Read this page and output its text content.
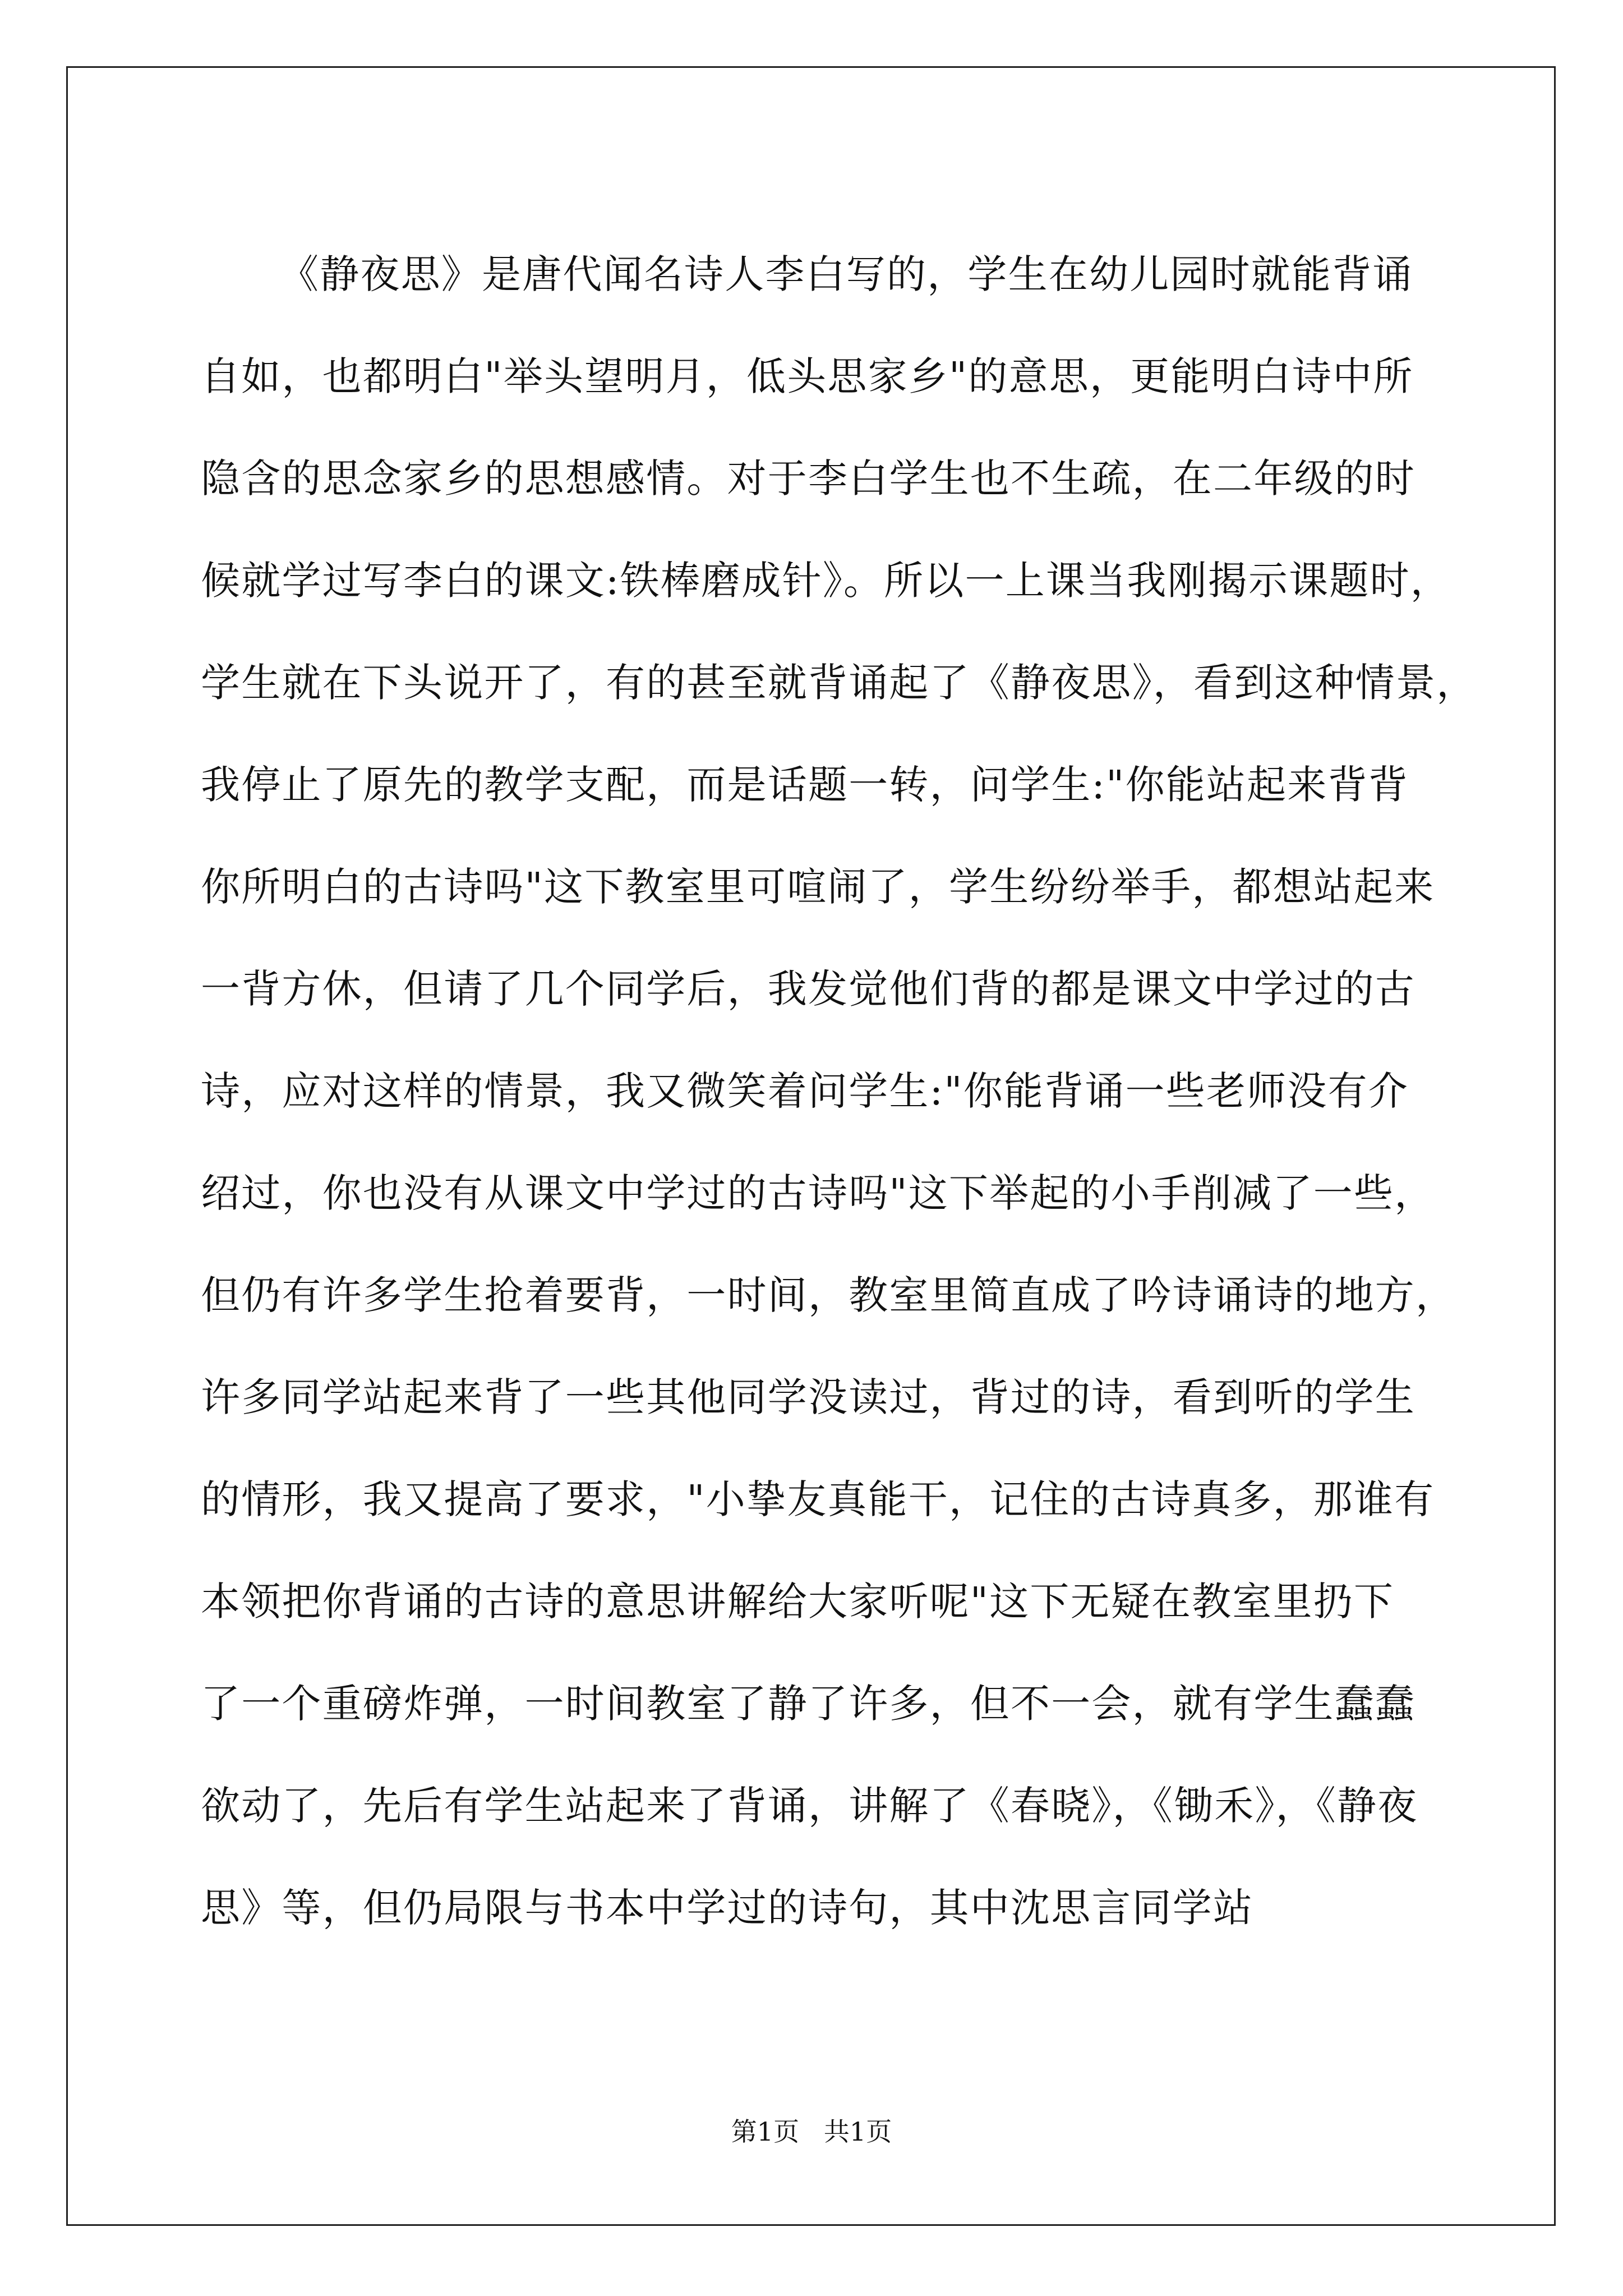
《静夜思》是唐代闻名诗人李白写的，学生在幼儿园时就能背诵
自如，也都明白"举头望明月，低头思家乡"的意思，更能明白诗中所
隐含的思念家乡的思想感情。对于李白学生也不生疏，在二年级的时
候就学过写李白的课文:铁棒磨成针》。所以一上课当我刚揭示课题时，
学生就在下头说开了，有的甚至就背诵起了《静夜思》，看到这种情景，
我停止了原先的教学支配，而是话题一转，问学生:"你能站起来背背
你所明白的古诗吗"这下教室里可喧闹了，学生纷纷举手，都想站起来
一背方休，但请了几个同学后，我发觉他们背的都是课文中学过的古
诗，应对这样的情景，我又微笑着问学生:"你能背诵一些老师没有介
绍过，你也没有从课文中学过的古诗吗"这下举起的小手削减了一些，
但仍有许多学生抢着要背，一时间，教室里简直成了吟诗诵诗的地方，
许多同学站起来背了一些其他同学没读过，背过的诗，看到听的学生
的情形，我又提高了要求，"小挚友真能干，记住的古诗真多，那谁有
本领把你背诵的古诗的意思讲解给大家听呢"这下无疑在教室里扔下
了一个重磅炸弹，一时间教室了静了许多，但不一会，就有学生蠢蠢
欲动了，先后有学生站起来了背诵，讲解了《春晓》，《锄禾》，《静夜
思》等，但仍局限与书本中学过的诗句，其中沈思言同学站
第1页   共1页
